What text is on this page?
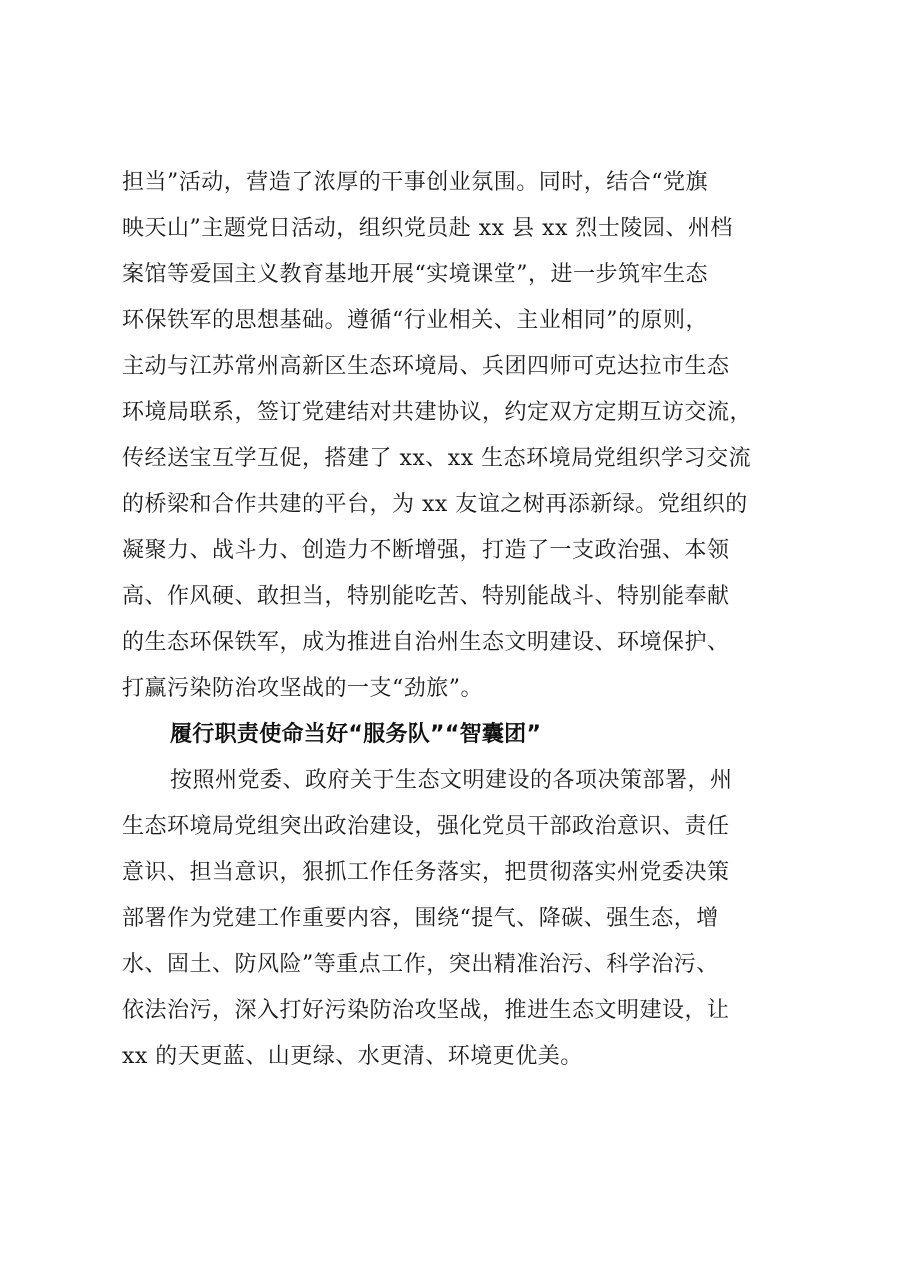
担当”活动，营造了浓厚的干事创业氛围。同时，结合“党旗
映天山”主题党日活动，组织党员赴 xx 县 xx 烈士陵园、州档
案馆等爱国主义教育基地开展“实境课堂”，进一步筑牢生态
环保铁军的思想基础。遵循“行业相关、主业相同”的原则，
主动与江苏常州高新区生态环境局、兵团四师可克达拉市生态
环境局联系，签订党建结对共建协议，约定双方定期互访交流，
传经送宝互学互促，搭建了 xx、xx 生态环境局党组织学习交流
的桥梁和合作共建的平台，为 xx 友谊之树再添新绿。党组织的
凝聚力、战斗力、创造力不断增强，打造了一支政治强、本领
高、作风硬、敢担当，特别能吃苦、特别能战斗、特别能奉献
的生态环保铁军，成为推进自治州生态文明建设、环境保护、
打赢污染防治攻坚战的一支“劲旅”。
履行职责使命当好“服务队”“智囊团”
按照州党委、政府关于生态文明建设的各项决策部署，州
生态环境局党组突出政治建设，强化党员干部政治意识、责任
意识、担当意识，狠抓工作任务落实，把贯彻落实州党委决策
部署作为党建工作重要内容，围绕“提气、降碳、强生态，增
水、固土、防风险”等重点工作，突出精准治污、科学治污、
依法治污，深入打好污染防治攻坚战，推进生态文明建设，让
xx 的天更蓝、山更绿、水更清、环境更优美。
